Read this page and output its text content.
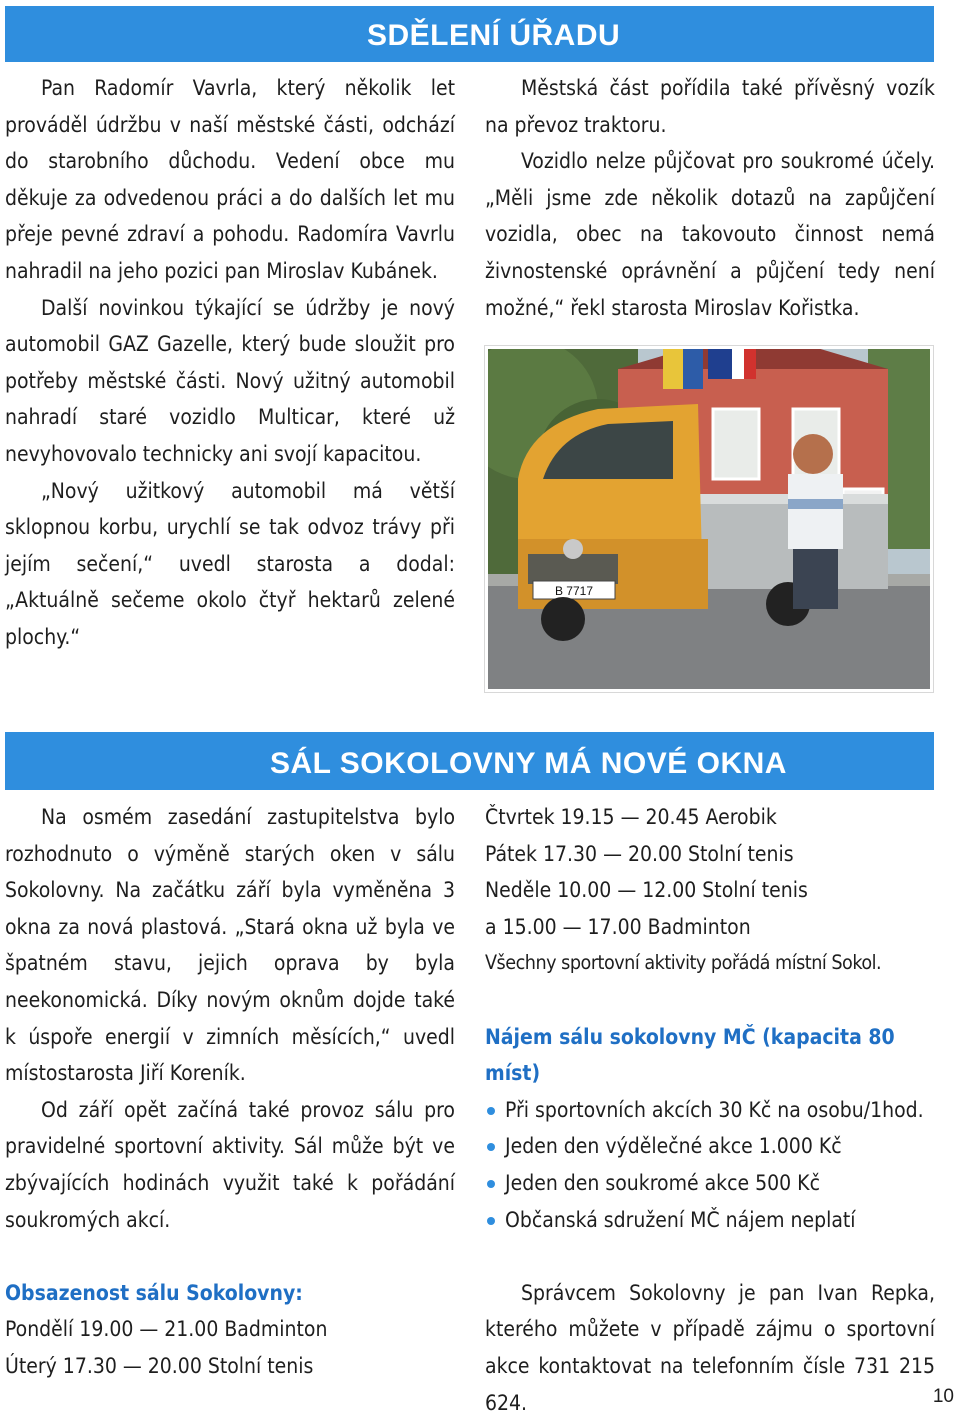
SDĚLENÍ ÚŘADU

Pan Radomír Vavrla, který několik let prováděl údržbu v naší městské části, odchází do starobního důchodu. Vedení obce mu děkuje za odvedenou práci a do dalších let mu přeje pevné zdraví a pohodu. Radomíra Vavrlu nahradil na jeho pozici pan Miroslav Kubánek.

Další novinkou týkající se údržby je nový automobil GAZ Gazelle, který bude sloužit pro potřeby městské části. Nový užitný automobil nahradí staré vozidlo Multicar, které už nevyhovovalo technicky ani svojí kapacitou.

„Nový užitkový automobil má větší sklopnou korbu, urychlí se tak odvoz trávy při jejím sečení,“ uvedl starosta a dodal: „Aktuálně sečeme okolo čtyř hektarů zelené plochy.“

Městská část pořídila také přívěsný vozík na převoz traktoru.

Vozidlo nelze půjčovat pro soukromé účely. „Měli jsme zde několik dotazů na zapůjčení vozidla, obec na takovouto činnost nemá živnostenské oprávnění a půjčení tedy není možné,“ řekl starosta Miroslav Kořistka.

B 7717
SÁL SOKOLOVNY MÁ NOVÉ OKNA

Na osmém zasedání zastupitelstva bylo rozhodnuto o výměně starých oken v sálu Sokolovny. Na začátku září byla vyměněna 3 okna za nová plastová. „Stará okna už byla ve špatném stavu, jejich oprava by byla neekonomická. Díky novým oknům dojde také k úspoře energií v zimních měsících,“ uvedl místostarosta Jiří Koreník.

Od září opět začíná také provoz sálu pro pravidelné sportovní aktivity. Sál může být ve zbývajících hodinách využit také k pořádání soukromých akcí.

Obsazenost sálu Sokolovny:

Pondělí 19.00 — 21.00 Badminton

Úterý 17.30 — 20.00 Stolní tenis

Čtvrtek 19.15 — 20.45 Aerobik

Pátek 17.30 — 20.00 Stolní tenis

Neděle 10.00 — 12.00 Stolní tenis

a 15.00 — 17.00 Badminton

Všechny sportovní aktivity pořádá místní Sokol.

Nájem sálu sokolovny MČ (kapacita 80 míst)

Při sportovních akcích 30 Kč na osobu/1hod.
Jeden den výdělečné akce 1.000 Kč
Jeden den soukromé akce 500 Kč
Občanská sdružení MČ nájem neplatí

Správcem Sokolovny je pan Ivan Repka, kterého můžete v případě zájmu o sportovní akce kontaktovat na telefonním čísle 731 215 624.	10
